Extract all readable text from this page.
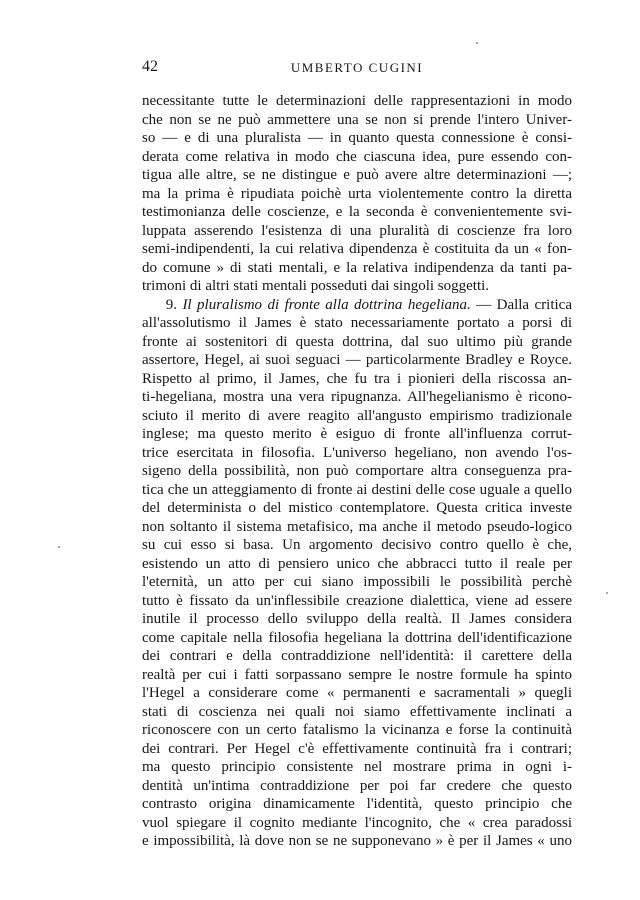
42	UMBERTO CUGINI
necessitante tutte le determinazioni delle rappresentazioni in modo
che non se ne può ammettere una se non si prende l'intero Univer-
so — e di una pluralista — in quanto questa connessione è consi-
derata come relativa in modo che ciascuna idea, pure essendo con-
tigua alle altre, se ne distingue e può avere altre determinazioni —;
ma la prima è ripudiata poichè urta violentemente contro la diretta
testimonianza delle coscienze, e la seconda è convenientemente svi-
luppata asserendo l'esistenza di una pluralità di coscienze fra loro
semi-indipendenti, la cui relativa dipendenza è costituita da un « fon-
do comune » di stati mentali, e la relativa indipendenza da tanti pa-
trimoni di altri stati mentali posseduti dai singoli soggetti.
9. Il pluralismo di fronte alla dottrina hegeliana. — Dalla critica
all'assolutismo il James è stato necessariamente portato a porsi di
fronte ai sostenitori di questa dottrina, dal suo ultimo più grande
assertore, Hegel, ai suoi seguaci — particolarmente Bradley e Royce.
Rispetto al primo, il James, che fu tra i pionieri della riscossa an-
ti-hegeliana, mostra una vera ripugnanza. All'hegelianismo è ricono-
sciuto il merito di avere reagito all'angusto empirismo tradizionale
inglese; ma questo merito è esiguo di fronte all'influenza corrut-
trice esercitata in filosofia. L'universo hegeliano, non avendo l'os-
sigeno della possibilità, non può comportare altra conseguenza pra-
tica che un atteggiamento di fronte ai destini delle cose uguale a quello
del determinista o del mistico contemplatore. Questa critica investe
non soltanto il sistema metafisico, ma anche il metodo pseudo-logico
su cui esso si basa. Un argomento decisivo contro quello è che,
esistendo un atto di pensiero unico che abbracci tutto il reale per
l'eternità, un atto per cui siano impossibili le possibilità perchè
tutto è fissato da un'inflessibile creazione dialettica, viene ad essere
inutile il processo dello sviluppo della realtà. Il James considera
come capitale nella filosofia hegeliana la dottrina dell'identificazione
dei contrari e della contraddizione nell'identità: il carettere della
realtà per cui i fatti sorpassano sempre le nostre formule ha spinto
l'Hegel a considerare come « permanenti e sacramentali » quegli
stati di coscienza nei quali noi siamo effettivamente inclinati a
riconoscere con un certo fatalismo la vicinanza e forse la continuità
dei contrari. Per Hegel c'è effettivamente continuità fra i contrari;
ma questo principio consistente nel mostrare prima in ogni i-
dentità un'intima contraddizione per poi far credere che questo
contrasto origina dinamicamente l'identità, questo principio che
vuol spiegare il cognito mediante l'incognito, che « crea paradossi
e impossibilità, là dove non se ne supponevano » è per il James « uno
